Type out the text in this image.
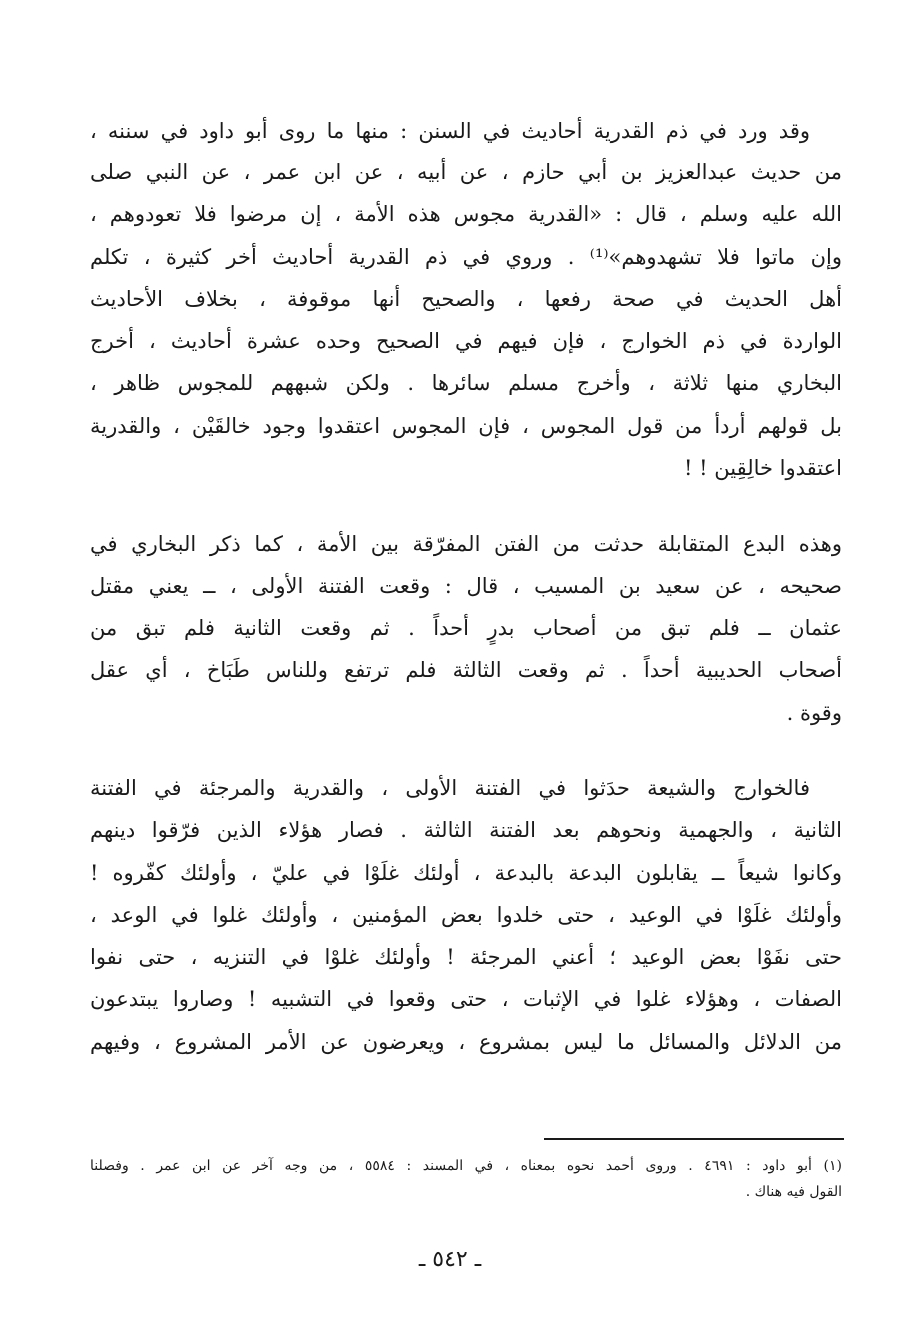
وقد ورد في ذم القدرية أحاديث في السنن : منها ما روى أبو داود في سننه ،
من حديث عبدالعزيز بن أبي حازم ، عن أبيه ، عن ابن عمر ، عن النبي صلى
الله عليه وسلم ، قال : «القدرية مجوس هذه الأمة ، إن مرضوا فلا تعودوهم ،
وإن ماتوا فلا تشهدوهم»⁽¹⁾ . وروي في ذم القدرية أحاديث أخر كثيرة ، تكلم
أهل الحديث في صحة رفعها ، والصحيح أنها موقوفة ، بخلاف الأحاديث
الواردة في ذم الخوارج ، فإن فيهم في الصحيح وحده عشرة أحاديث ، أخرج
البخاري منها ثلاثة ، وأخرج مسلم سائرها . ولكن شبههم للمجوس ظاهر ،
بل قولهم أردأ من قول المجوس ، فإن المجوس اعتقدوا وجود خالقَيْن ، والقدرية
اعتقدوا خالِقِين ! !
وهذه البدع المتقابلة حدثت من الفتن المفرّقة بين الأمة ، كما ذكر البخاري في
صحيحه ، عن سعيد بن المسيب ، قال : وقعت الفتنة الأولى ، ــ يعني مقتل
عثمان ــ فلم تبق من أصحاب بدرٍ أحداً . ثم وقعت الثانية فلم تبق من
أصحاب الحديبية أحداً . ثم وقعت الثالثة فلم ترتفع وللناس طَبَاخ ، أي عقل
وقوة .
فالخوارج والشيعة حدَثوا في الفتنة الأولى ، والقدرية والمرجئة في الفتنة
الثانية ، والجهمية ونحوهم بعد الفتنة الثالثة . فصار هؤلاء الذين فرّقوا دينهم
وكانوا شيعاً ــ يقابلون البدعة بالبدعة ، أولئك غلَوْا في عليّ ، وأولئك كفّروه !
وأولئك غلَوْا في الوعيد ، حتى خلدوا بعض المؤمنين ، وأولئك غلوا في الوعد ،
حتى نفَوْا بعض الوعيد ؛ أعني المرجئة ! وأولئك غلوْا في التنزيه ، حتى نفوا
الصفات ، وهؤلاء غلوا في الإثبات ، حتى وقعوا في التشبيه ! وصاروا يبتدعون
من الدلائل والمسائل ما ليس بمشروع ، ويعرضون عن الأمر المشروع ، وفيهم
(١) أبو داود : ٤٦٩١ . وروى أحمد نحوه بمعناه ، في المسند : ٥٥٨٤ ، من وجه آخر عن ابن عمر . وفصلنا
القول فيه هناك .
ـ ٥٤٢ ـ
